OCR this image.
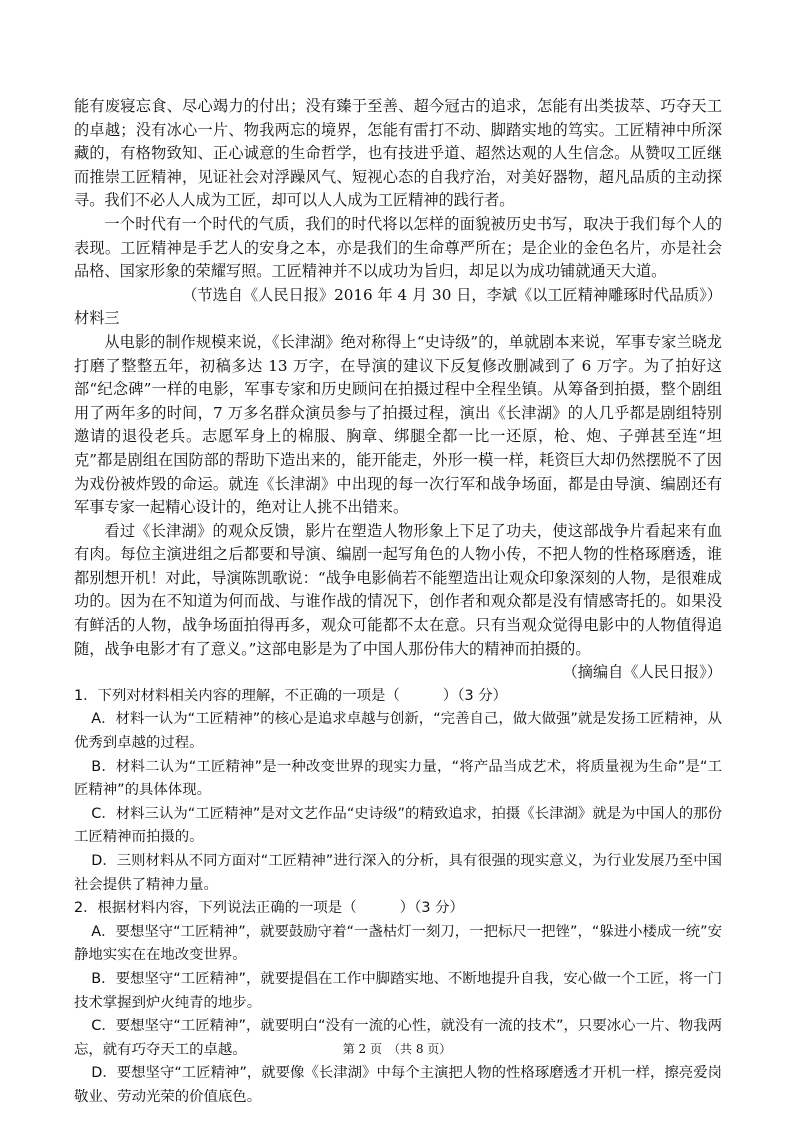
能有废寝忘食、尽心竭力的付出；没有臻于至善、超今冠古的追求，怎能有出类拔萃、巧夺天工的卓越；没有冰心一片、物我两忘的境界，怎能有雷打不动、脚踏实地的笃实。工匠精神中所深藏的，有格物致知、正心诚意的生命哲学，也有技进乎道、超然达观的人生信念。从赞叹工匠继而推崇工匠精神，见证社会对浮躁风气、短视心态的自我疗治，对美好器物，超凡品质的主动探寻。我们不必人人成为工匠，却可以人人成为工匠精神的践行者。

一个时代有一个时代的气质，我们的时代将以怎样的面貌被历史书写，取决于我们每个人的表现。工匠精神是手艺人的安身之本，亦是我们的生命尊严所在；是企业的金色名片，亦是社会品格、国家形象的荣耀写照。工匠精神并不以成功为旨归，却足以为成功铺就通天大道。

（节选自《人民日报》2016 年 4 月 30 日，李斌《以工匠精神雕琢时代品质》）

材料三

从电影的制作规模来说，《长津湖》绝对称得上“史诗级”的，单就剧本来说，军事专家兰晓龙打磨了整整五年，初稿多达 13 万字，在导演的建议下反复修改删减到了 6 万字。为了拍好这部“纪念碑”一样的电影，军事专家和历史顾问在拍摄过程中全程坐镇。从筹备到拍摄，整个剧组用了两年多的时间，7 万多名群众演员参与了拍摄过程，演出《长津湖》的人几乎都是剧组特别邀请的退役老兵。志愿军身上的棉服、胸章、绑腿全都一比一还原，枪、炮、子弹甚至连“坦克”都是剧组在国防部的帮助下造出来的，能开能走，外形一模一样，耗资巨大却仍然摆脱不了因为戏份被炸毁的命运。就连《长津湖》中出现的每一次行军和战争场面，都是由导演、编剧还有军事专家一起精心设计的，绝对让人挑不出错来。

看过《长津湖》的观众反馈，影片在塑造人物形象上下足了功夫，使这部战争片看起来有血有肉。每位主演进组之后都要和导演、编剧一起写角色的人物小传，不把人物的性格琢磨透，谁都别想开机！对此，导演陈凯歌说：“战争电影倘若不能塑造出让观众印象深刻的人物，是很难成功的。因为在不知道为何而战、与谁作战的情况下，创作者和观众都是没有情感寄托的。如果没有鲜活的人物，战争场面拍得再多，观众可能都不太在意。只有当观众觉得电影中的人物值得追随，战争电影才有了意义。”这部电影是为了中国人那份伟大的精神而拍摄的。

（摘编自《人民日报》）

1．下列对材料相关内容的理解，不正确的一项是（　　　）（3 分）

A．材料一认为“工匠精神”的核心是追求卓越与创新，“完善自己，做大做强”就是发扬工匠精神，从优秀到卓越的过程。

B．材料二认为“工匠精神”是一种改变世界的现实力量，“将产品当成艺术，将质量视为生命”是“工匠精神”的具体体现。

C．材料三认为“工匠精神”是对文艺作品“史诗级”的精致追求，拍摄《长津湖》就是为中国人的那份工匠精神而拍摄的。

D．三则材料从不同方面对“工匠精神”进行深入的分析，具有很强的现实意义，为行业发展乃至中国社会提供了精神力量。

2．根据材料内容，下列说法正确的一项是（　　　）（3 分）

A．要想坚守“工匠精神”，就要鼓励守着“一盏枯灯一刻刀，一把标尺一把锉”，“躲进小楼成一统”安静地实实在在地改变世界。

B．要想坚守“工匠精神”，就要提倡在工作中脚踏实地、不断地提升自我，安心做一个工匠，将一门技术掌握到炉火纯青的地步。

C．要想坚守“工匠精神”，就要明白“没有一流的心性，就没有一流的技术”，只要冰心一片、物我两忘，就有巧夺天工的卓越。

D．要想坚守“工匠精神”，就要像《长津湖》中每个主演把人物的性格琢磨透才开机一样，擦亮爱岗敬业、劳动光荣的价值底色。

第 2 页　（共 8 页）
